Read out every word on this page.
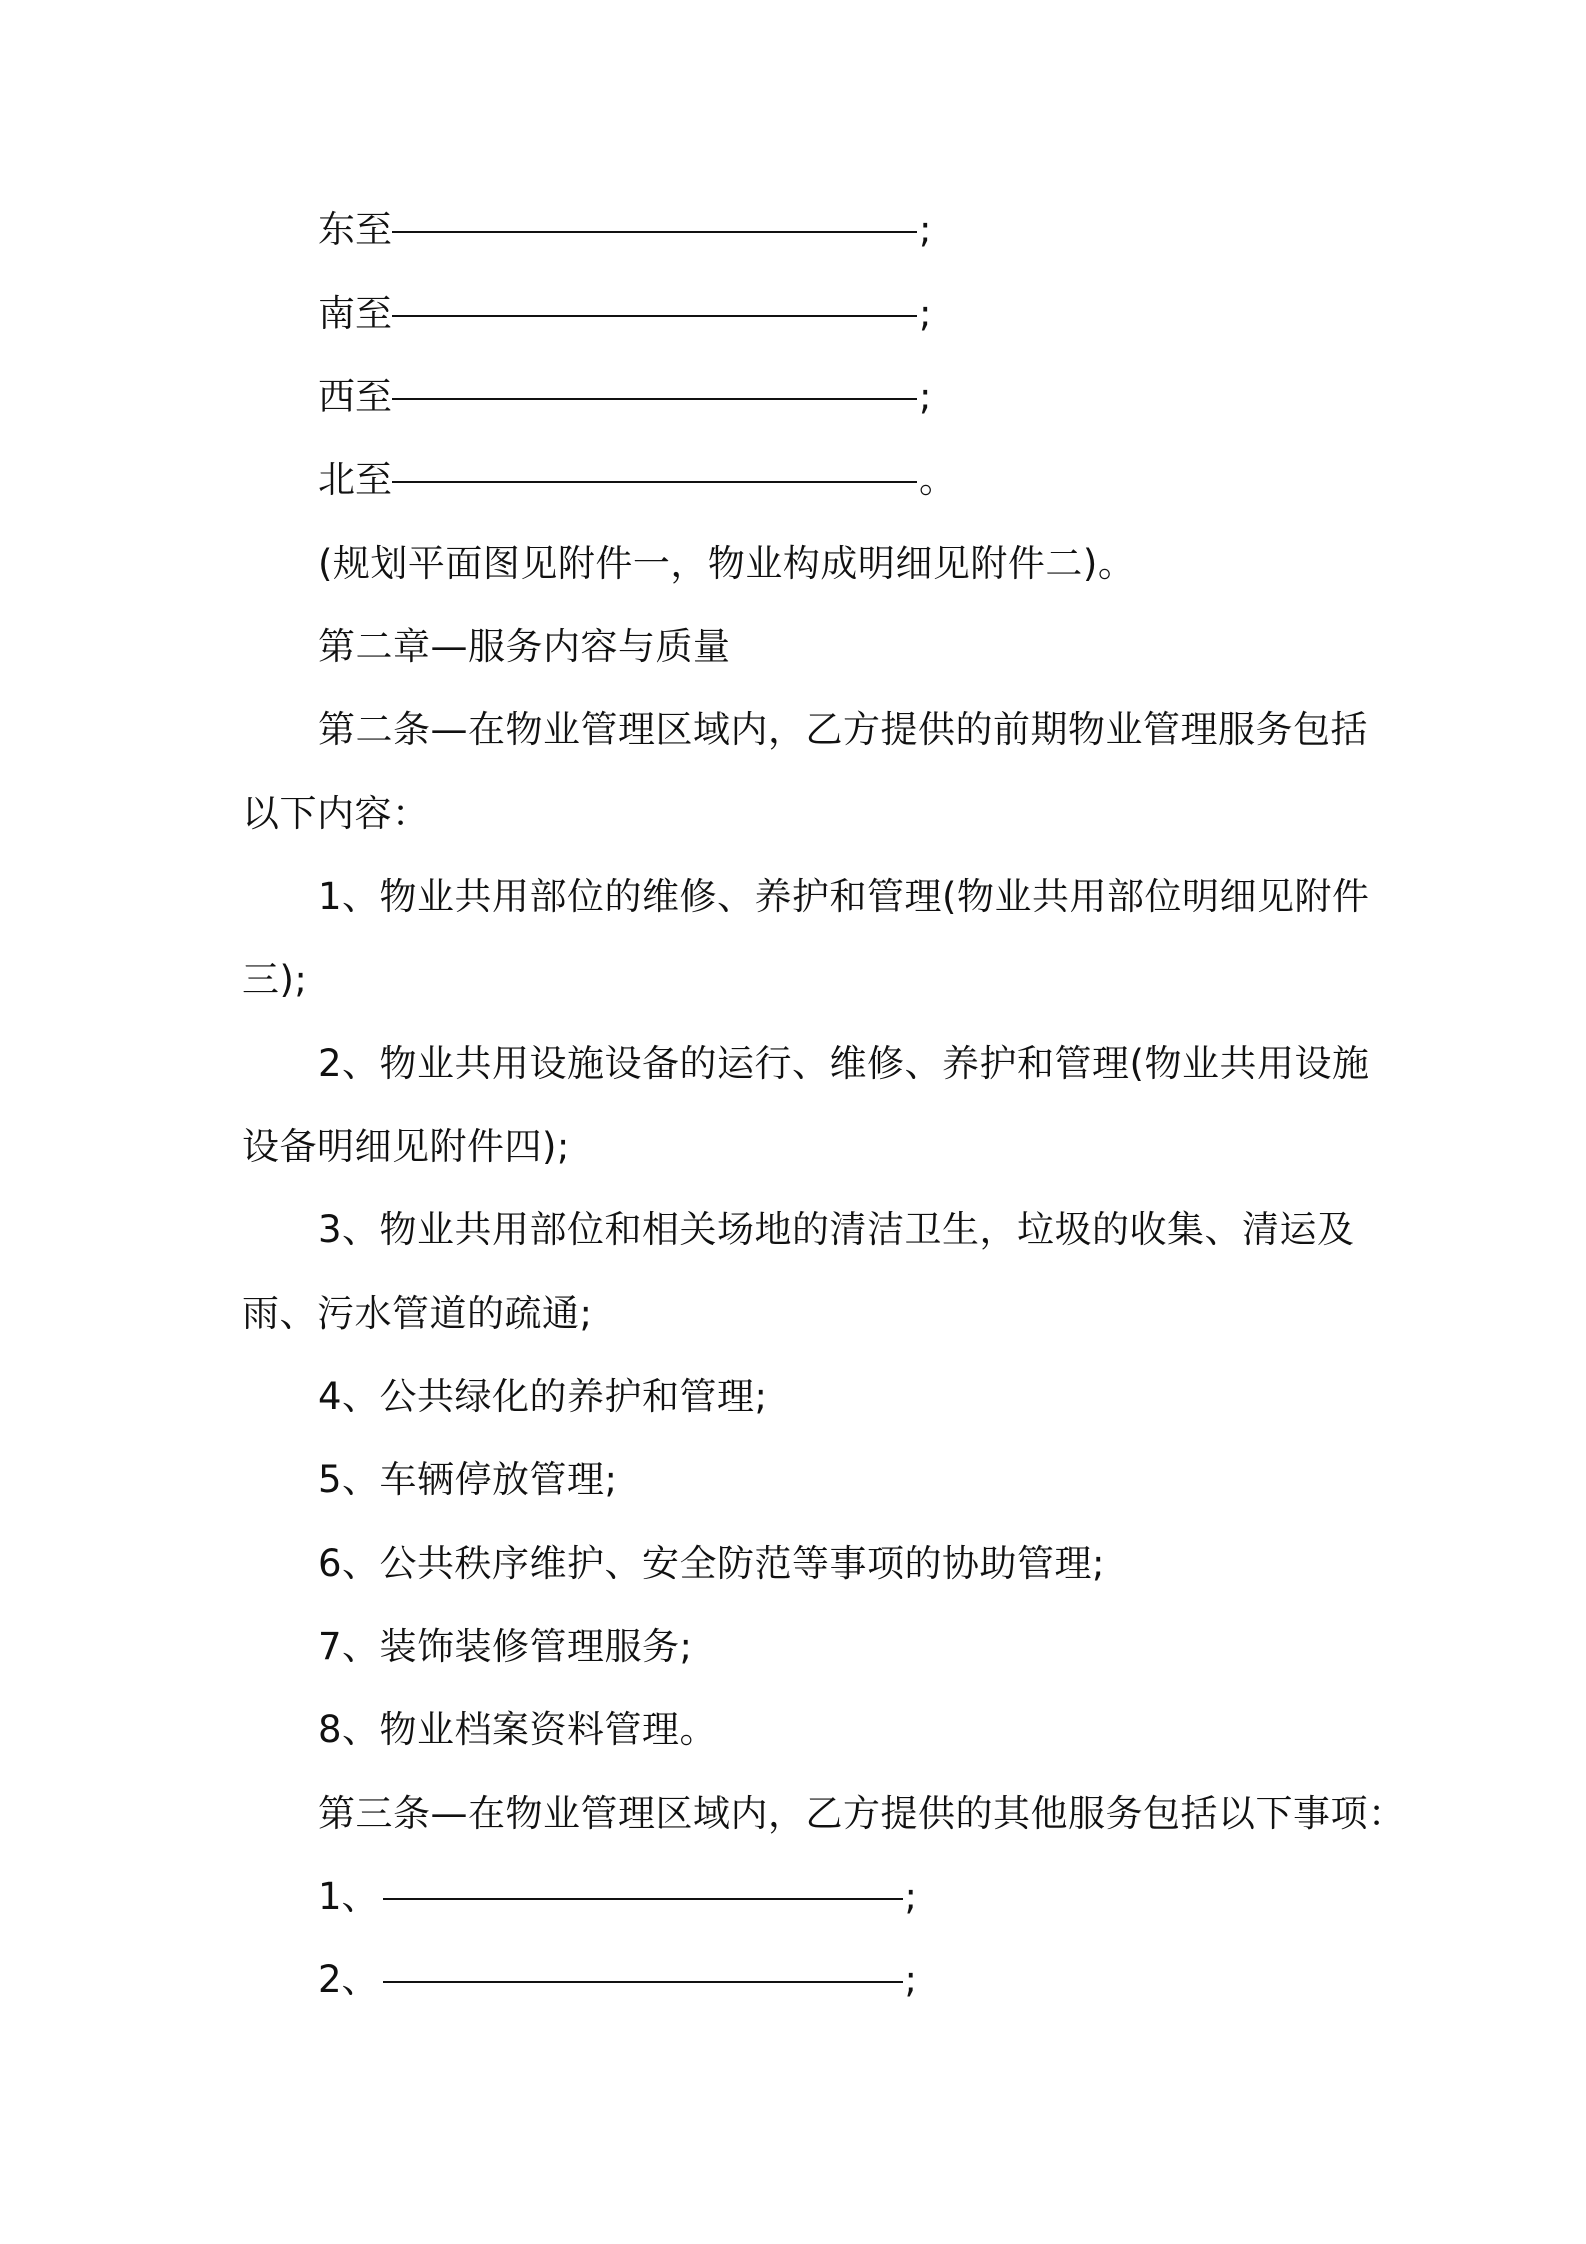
东至	;
南至	;
西至	;
北至	。
(规划平面图见附件一，物业构成明细见附件二)。
第二章—服务内容与质量
第二条—在物业管理区域内，乙方提供的前期物业管理服务包括
以下内容：
1、物业共用部位的维修、养护和管理(物业共用部位明细见附件
三);
2、物业共用设施设备的运行、维修、养护和管理(物业共用设施
设备明细见附件四);
3、物业共用部位和相关场地的清洁卫生，垃圾的收集、清运及
雨、污水管道的疏通;
4、公共绿化的养护和管理;
5、车辆停放管理;
6、公共秩序维护、安全防范等事项的协助管理;
7、装饰装修管理服务;
8、物业档案资料管理。
第三条—在物业管理区域内，乙方提供的其他服务包括以下事项：
1、	;
2、	;
